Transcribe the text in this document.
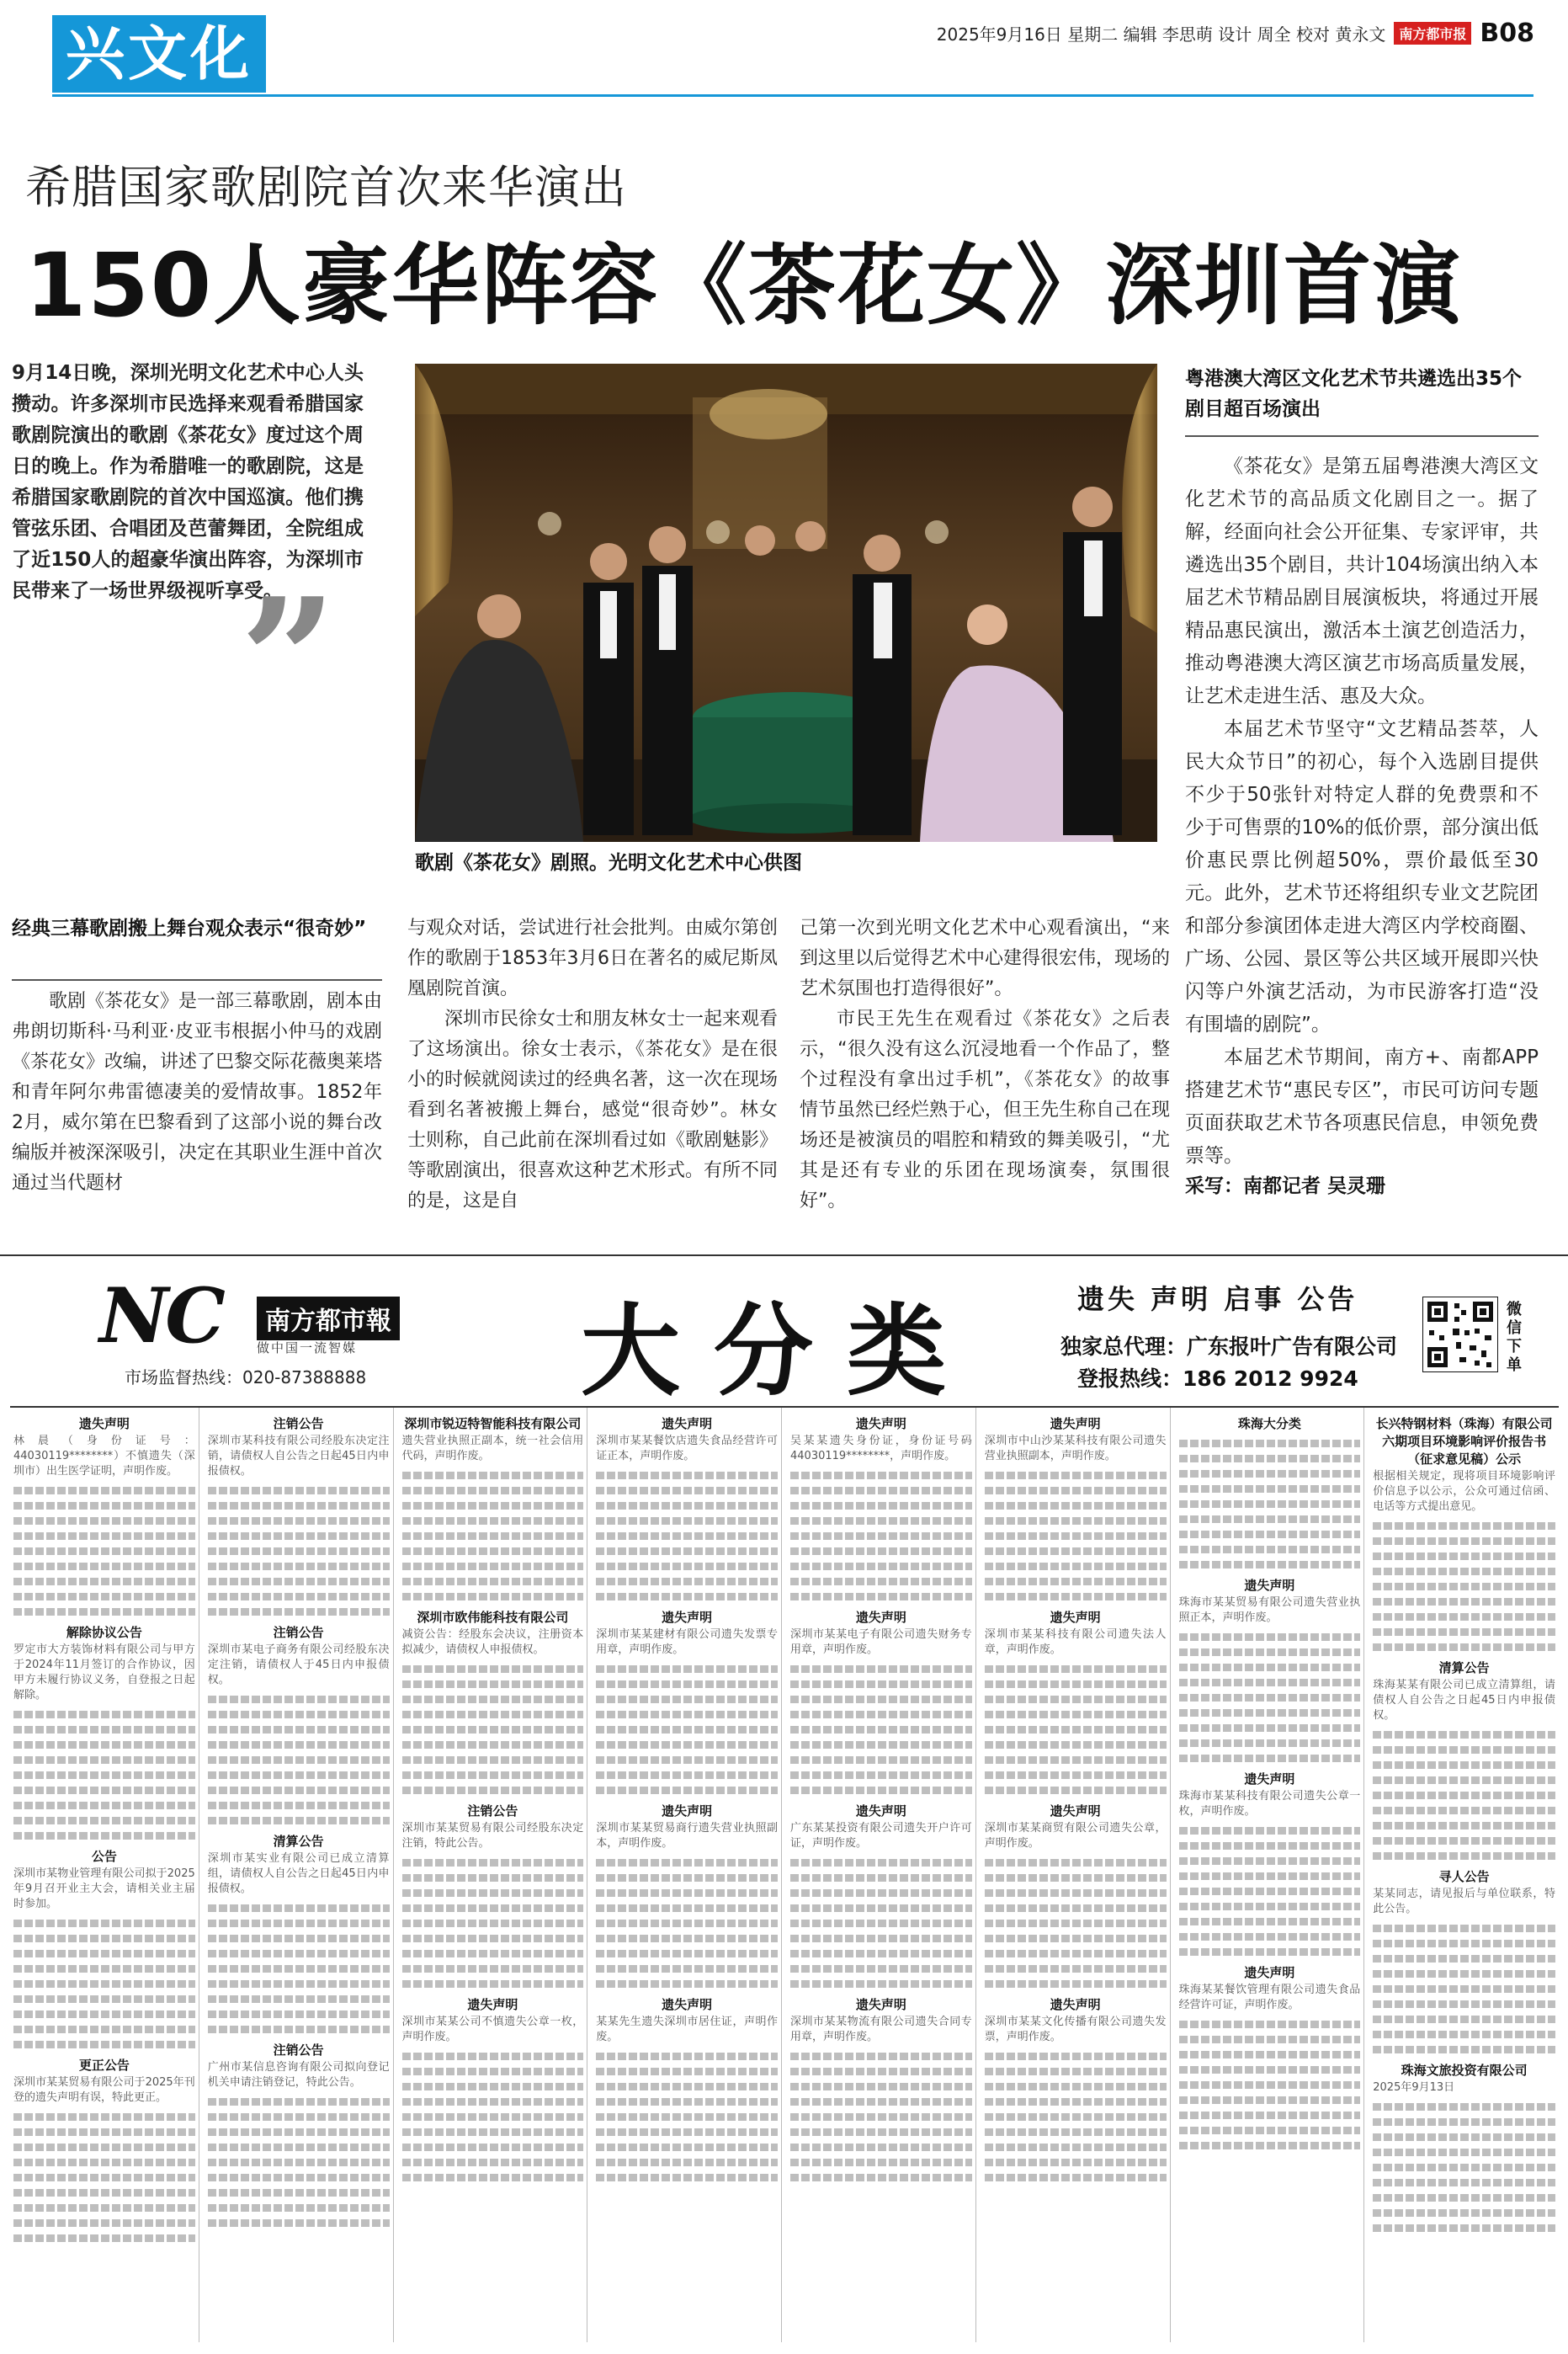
兴文化	2025年9月16日 星期二 编辑 李思萌 设计 周全 校对 黄永文	南方都市报 B08
希腊国家歌剧院首次来华演出
150人豪华阵容《茶花女》深圳首演
9月14日晚，深圳光明文化艺术中心人头攒动。许多深圳市民选择来观看希腊国家歌剧院演出的歌剧《茶花女》度过这个周日的晚上。作为希腊唯一的歌剧院，这是希腊国家歌剧院的首次中国巡演。他们携管弦乐团、合唱团及芭蕾舞团，全院组成了近150人的超豪华演出阵容，为深圳市民带来了一场世界级视听享受。
”
歌剧《茶花女》剧照。光明文化艺术中心供图
粤港澳大湾区文化艺术节共遴选出35个剧目超百场演出

《茶花女》是第五届粤港澳大湾区文化艺术节的高品质文化剧目之一。据了解，经面向社会公开征集、专家评审，共遴选出35个剧目，共计104场演出纳入本届艺术节精品剧目展演板块，将通过开展精品惠民演出，激活本土演艺创造活力，推动粤港澳大湾区演艺市场高质量发展，让艺术走进生活、惠及大众。

本届艺术节坚守“文艺精品荟萃，人民大众节日”的初心，每个入选剧目提供不少于50张针对特定人群的免费票和不少于可售票的10%的低价票，部分演出低价惠民票比例超50%，票价最低至30元。此外，艺术节还将组织专业文艺院团和部分参演团体走进大湾区内学校商圈、广场、公园、景区等公共区域开展即兴快闪等户外演艺活动，为市民游客打造“没有围墙的剧院”。

本届艺术节期间，南方+、南都APP搭建艺术节“惠民专区”，市民可访问专题页面获取艺术节各项惠民信息，申领免费票等。

经典三幕歌剧搬上舞台观众表示“很奇妙”

歌剧《茶花女》是一部三幕歌剧，剧本由弗朗切斯科·马利亚·皮亚韦根据小仲马的戏剧《茶花女》改编，讲述了巴黎交际花薇奥莱塔和青年阿尔弗雷德凄美的爱情故事。1852年2月，威尔第在巴黎看到了这部小说的舞台改编版并被深深吸引，决定在其职业生涯中首次通过当代题材

与观众对话，尝试进行社会批判。由威尔第创作的歌剧于1853年3月6日在著名的威尼斯凤凰剧院首演。

深圳市民徐女士和朋友林女士一起来观看了这场演出。徐女士表示，《茶花女》是在很小的时候就阅读过的经典名著，这一次在现场看到名著被搬上舞台，感觉“很奇妙”。林女士则称，自己此前在深圳看过如《歌剧魅影》等歌剧演出，很喜欢这种艺术形式。有所不同的是，这是自

己第一次到光明文化艺术中心观看演出，“来到这里以后觉得艺术中心建得很宏伟，现场的艺术氛围也打造得很好”。

市民王先生在观看过《茶花女》之后表示，“很久没有这么沉浸地看一个作品了，整个过程没有拿出过手机”，《茶花女》的故事情节虽然已经烂熟于心，但王先生称自己在现场还是被演员的唱腔和精致的舞美吸引，“尤其是还有专业的乐团在现场演奏，氛围很好”。

采写：南都记者 吴灵珊
NC	南方都市報
做中国一流智媒
市场监督热线：020-87388888 大分类	遗失 声明 启事 公告
独家总代理：广东报叶广告有限公司
登报热线：186 2012 9924
微信下单
遗失声明
林晨（身份证号：44030119********）不慎遗失（深圳市）出生医学证明，声明作废。
解除协议公告
罗定市大方装饰材料有限公司与甲方于2024年11月签订的合作协议，因甲方未履行协议义务，自登报之日起解除。
公告
深圳市某物业管理有限公司拟于2025年9月召开业主大会，请相关业主届时参加。
更正公告
深圳市某某贸易有限公司于2025年刊登的遗失声明有误，特此更正。
注销公告
深圳市某科技有限公司经股东决定注销，请债权人自公告之日起45日内申报债权。
注销公告
深圳市某电子商务有限公司经股东决定注销，请债权人于45日内申报债权。
清算公告
深圳市某实业有限公司已成立清算组，请债权人自公告之日起45日内申报债权。
注销公告
广州市某信息咨询有限公司拟向登记机关申请注销登记，特此公告。
深圳市锐迈特智能科技有限公司
遗失营业执照正副本，统一社会信用代码，声明作废。
深圳市欧伟能科技有限公司
减资公告：经股东会决议，注册资本拟减少，请债权人申报债权。
注销公告
深圳市某某贸易有限公司经股东决定注销，特此公告。
遗失声明
深圳市某某公司不慎遗失公章一枚，声明作废。
遗失声明
深圳市某某餐饮店遗失食品经营许可证正本，声明作废。
遗失声明
深圳市某某建材有限公司遗失发票专用章，声明作废。
遗失声明
深圳市某某贸易商行遗失营业执照副本，声明作废。
遗失声明
某某先生遗失深圳市居住证，声明作废。
遗失声明
吴某某遗失身份证，身份证号码44030119********，声明作废。
遗失声明
深圳市某某电子有限公司遗失财务专用章，声明作废。
遗失声明
广东某某投资有限公司遗失开户许可证，声明作废。
遗失声明
深圳市某某物流有限公司遗失合同专用章，声明作废。
遗失声明
深圳市中山沙某某科技有限公司遗失营业执照副本，声明作废。
遗失声明
深圳市某某科技有限公司遗失法人章，声明作废。
遗失声明
深圳市某某商贸有限公司遗失公章，声明作废。
遗失声明
深圳市某某文化传播有限公司遗失发票，声明作废。
珠海大分类
遗失声明
珠海市某某贸易有限公司遗失营业执照正本，声明作废。
遗失声明
珠海市某某科技有限公司遗失公章一枚，声明作废。
遗失声明
珠海某某餐饮管理有限公司遗失食品经营许可证，声明作废。
长兴特钢材料（珠海）有限公司六期项目环境影响评价报告书（征求意见稿）公示
根据相关规定，现将项目环境影响评价信息予以公示，公众可通过信函、电话等方式提出意见。
清算公告
珠海某某有限公司已成立清算组，请债权人自公告之日起45日内申报债权。
寻人公告
某某同志，请见报后与单位联系，特此公告。
珠海文旅投资有限公司
2025年9月13日
